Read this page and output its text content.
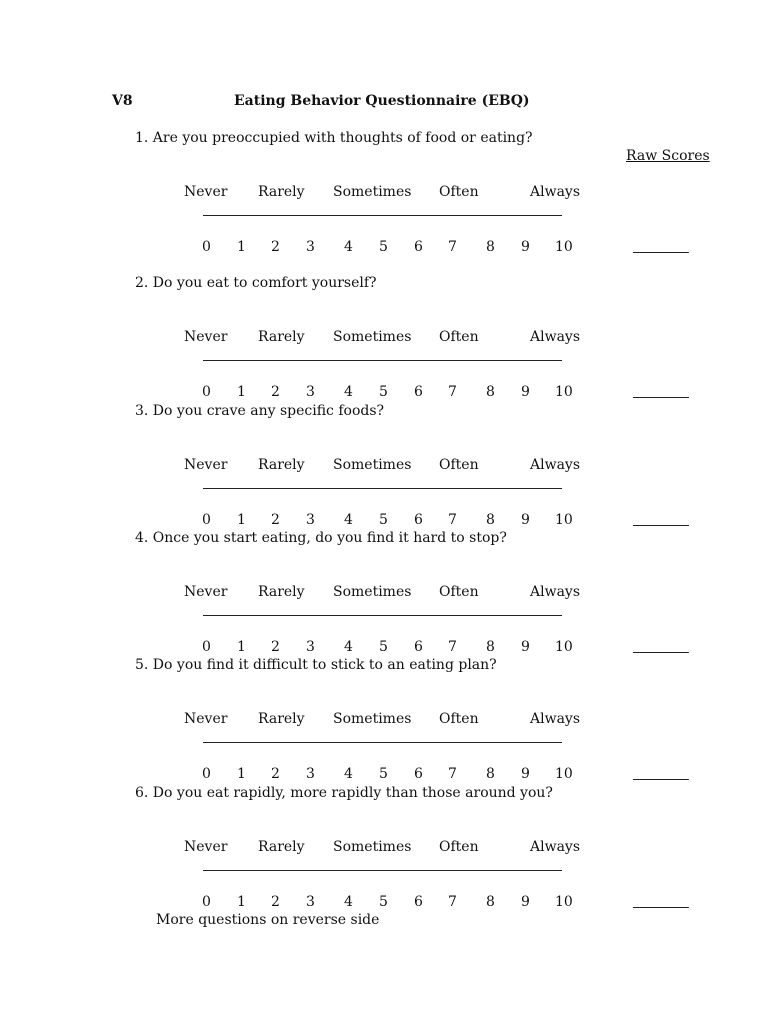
V8	Eating Behavior Questionnaire (EBQ)
Raw Scores
1. Are you preoccupied with thoughts of food or eating?
Never Rarely Sometimes Often	Always
0 1 2 3 4 5 6 7 8 9 10
2. Do you eat to comfort yourself?
Never Rarely Sometimes Often	Always
0 1 2 3 4 5 6 7 8 9 10
3. Do you crave any specific foods?
Never Rarely Sometimes Often	Always
0 1 2 3 4 5 6 7 8 9 10
4. Once you start eating, do you find it hard to stop?
Never Rarely Sometimes Often	Always
0 1 2 3 4 5 6 7 8 9 10
5. Do you find it difficult to stick to an eating plan?
Never Rarely Sometimes Often	Always
0 1 2 3 4 5 6 7 8 9 10
6. Do you eat rapidly, more rapidly than those around you?
Never Rarely Sometimes Often	Always
0 1 2 3 4 5 6 7 8 9 10
More questions on reverse side
